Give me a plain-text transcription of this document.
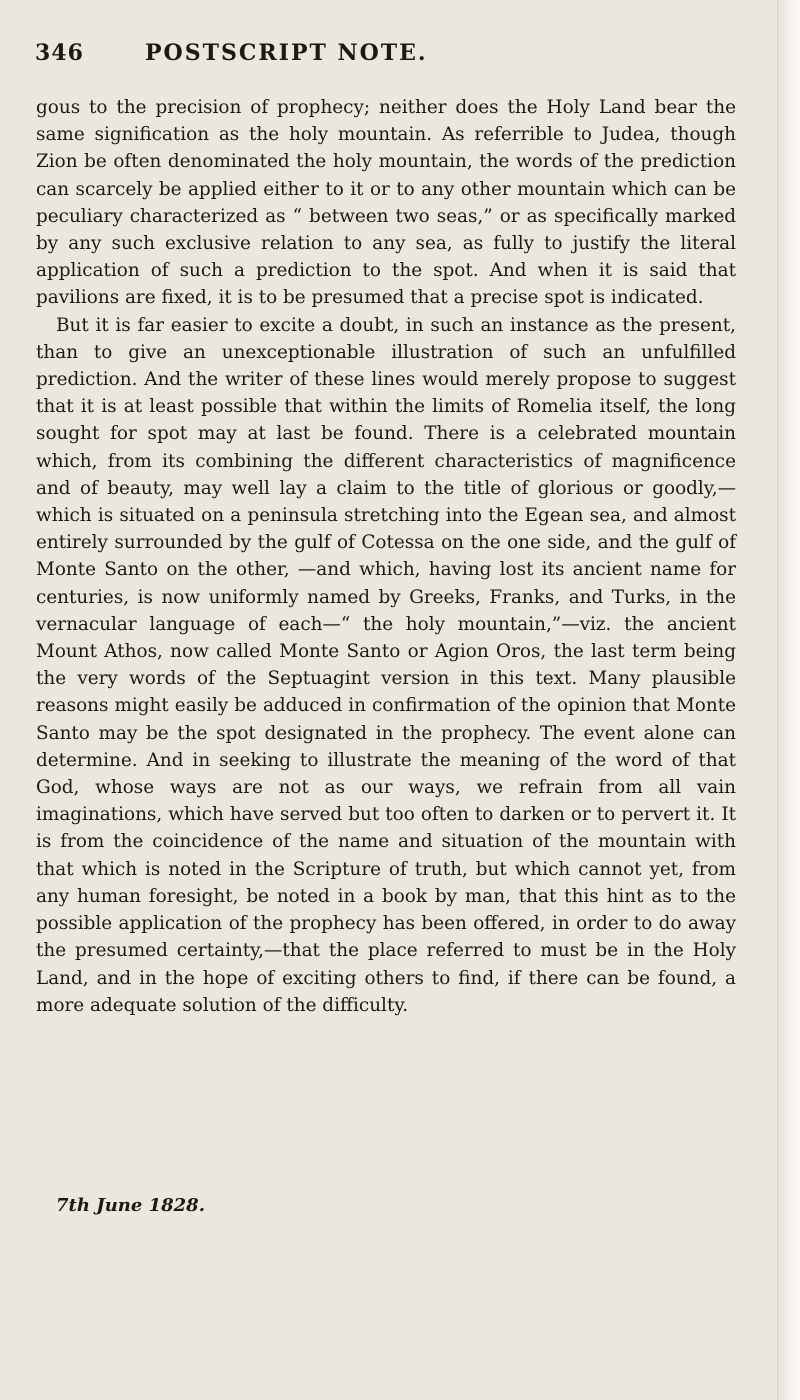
346	POSTSCRIPT NOTE.

gous to the precision of prophecy; neither does the Holy Land bear the same signification as the holy mountain. As referrible to Judea, though Zion be often denominated the holy mountain, the words of the prediction can scarcely be applied either to it or to any other mountain which can be peculiary characterized as “ between two seas,” or as specifically marked by any such exclusive relation to any sea, as fully to justify the literal application of such a prediction to the spot. And when it is said that pavilions are fixed, it is to be presumed that a precise spot is indicated.

But it is far easier to excite a doubt, in such an instance as the present, than to give an unexceptionable illustration of such an unfulfilled prediction. And the writer of these lines would merely propose to suggest that it is at least possible that within the limits of Romelia itself, the long sought for spot may at last be found. There is a celebrated mountain which, from its combining the different characteristics of magnificence and of beauty, may well lay a claim to the title of glorious or goodly,—which is situated on a peninsula stretching into the Egean sea, and almost entirely surrounded by the gulf of Cotessa on the one side, and the gulf of Monte Santo on the other, —and which, having lost its ancient name for centuries, is now uniformly named by Greeks, Franks, and Turks, in the vernacular language of each—“ the holy mountain,”—viz. the ancient Mount Athos, now called Monte Santo or Agion Oros, the last term being the very words of the Septuagint version in this text. Many plausible reasons might easily be adduced in confirmation of the opinion that Monte Santo may be the spot designated in the prophecy. The event alone can determine. And in seeking to illustrate the meaning of the word of that God, whose ways are not as our ways, we refrain from all vain imaginations, which have served but too often to darken or to pervert it. It is from the coincidence of the name and situation of the mountain with that which is noted in the Scripture of truth, but which cannot yet, from any human foresight, be noted in a book by man, that this hint as to the possible application of the prophecy has been offered, in order to do away the presumed certainty,—that the place referred to must be in the Holy Land, and in the hope of exciting others to find, if there can be found, a more adequate solution of the difficulty.

7th June 1828.
